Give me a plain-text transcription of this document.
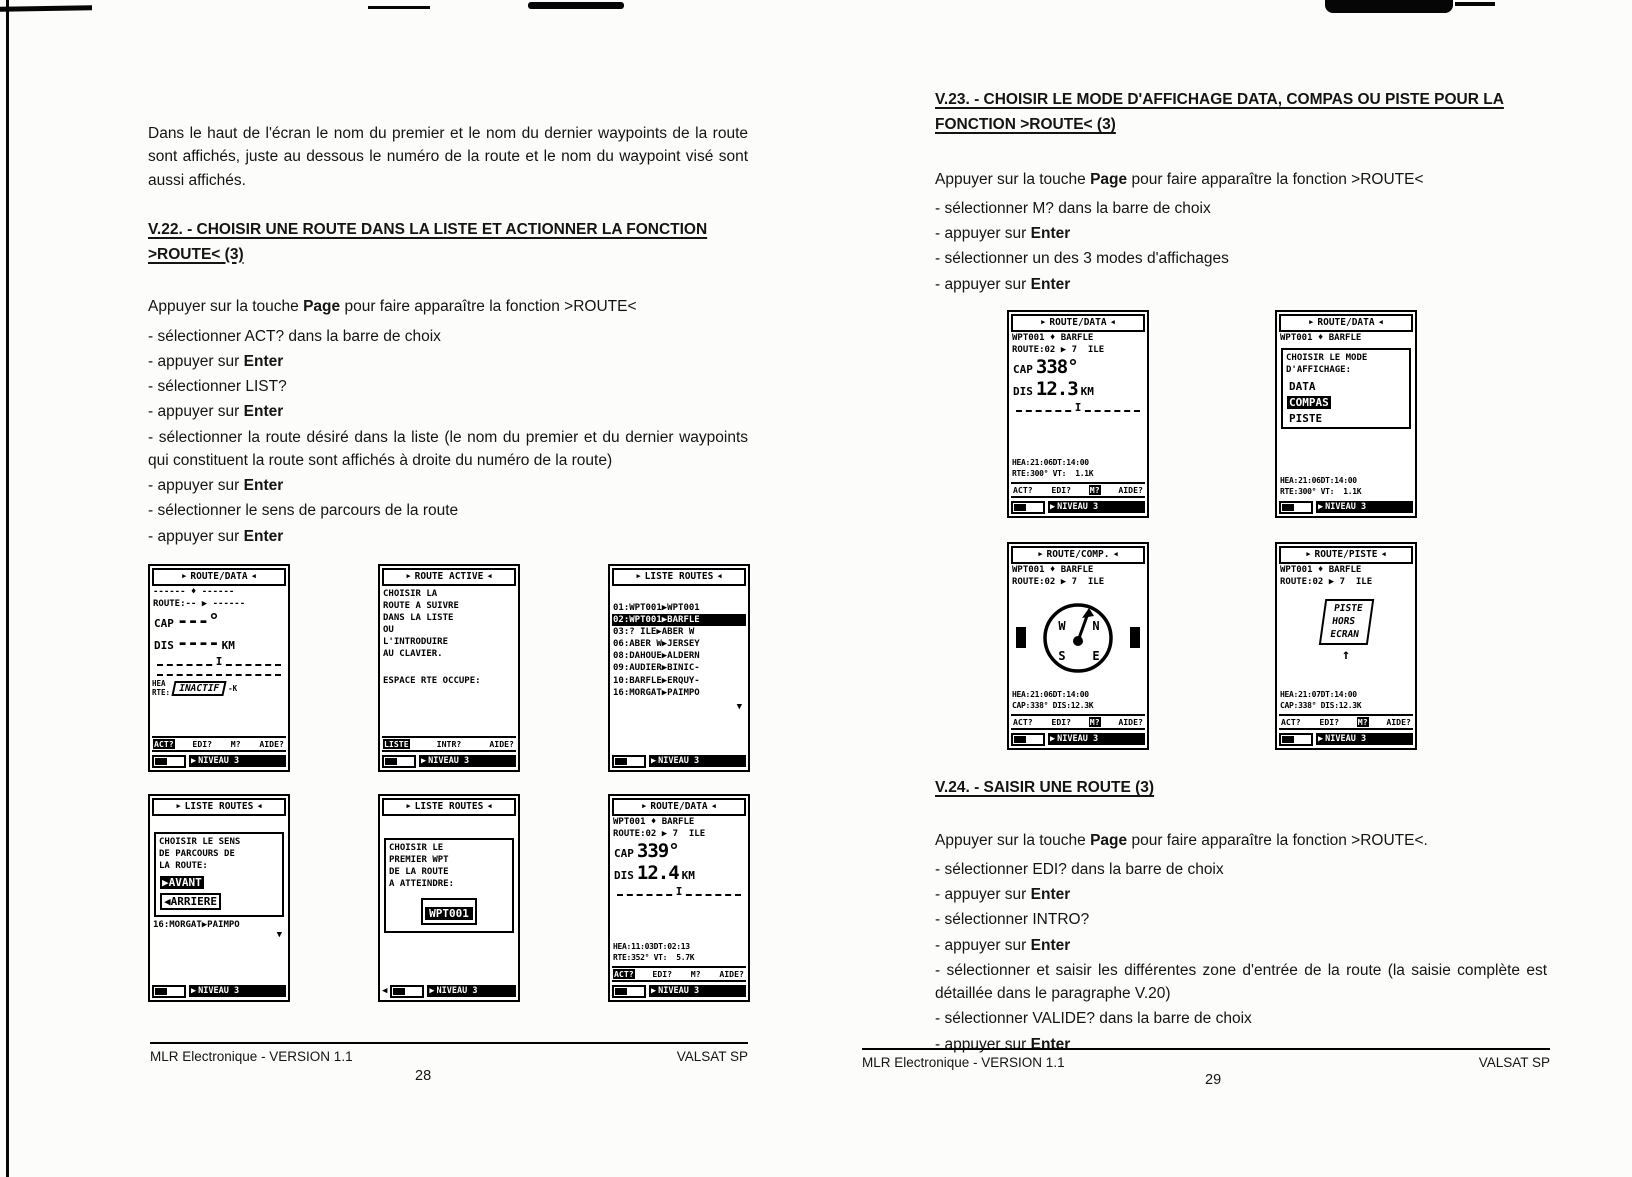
Dans le haut de l'écran le nom du premier et le nom du dernier waypoints de la route sont affichés, juste au dessous le numéro de la route et le nom du waypoint visé sont aussi affichés.

V.22. - CHOISIR UNE ROUTE DANS LA LISTE ET ACTIONNER LA FONCTION >ROUTE< (3)

Appuyer sur la touche Page pour faire apparaître la fonction >ROUTE<

- sélectionner ACT? dans la barre de choix
- appuyer sur Enter
- sélectionner LIST?
- appuyer sur Enter
- sélectionner la route désiré dans la liste (le nom du premier et du dernier waypoints qui constituent la route sont affichés à droite du numéro de la route)
- appuyer sur Enter
- sélectionner le sens de parcours de la route
- appuyer sur Enter
▶ ROUTE/DATA ◀
------ ♦ ------
ROUTE:-- ▶ ------
CAP ---°
DIS ---- KM
I
HEA
RTE: INACTIF	-K
ACT? EDI? M? AIDE?
▶ NIVEAU 3
▶ ROUTE ACTIVE ◀
CHOISIR LA
ROUTE A SUIVRE
DANS LA LISTE
OU
L'INTRODUIRE
AU CLAVIER.
ESPACE RTE OCCUPE:
LISTE	INTR?	AIDE?
▶ NIVEAU 3
▶ LISTE ROUTES ◀
01:WPT001▶WPT001
02:WPT001▶BARFLE
03:? ILE▶ABER W
06:ABER W▶JERSEY
08:DAHOUE▶ALDERN
09:AUDIER▶BINIC-
10:BARFLE▶ERQUY-
16:MORGAT▶PAIMPO
▼
▶ NIVEAU 3
▶ LISTE ROUTES ◀
CHOISIR LE SENS
DE PARCOURS DE
LA ROUTE:
▶AVANT
◀ARRIERE
16:MORGAT▶PAIMPO
▼
▶ NIVEAU 3
▶ LISTE ROUTES ◀
CHOISIR LE
PREMIER WPT
DE LA ROUTE
A ATTEINDRE:
WPT001
◀	▶ NIVEAU 3
▶ ROUTE/DATA ◀
WPT001 ♦ BARFLE
ROUTE:02 ▶ 7  ILE
CAP 339°
DIS 12.4 KM
I
HEA:11:03DT:02:13
RTE:352° VT:  5.7K
ACT? EDI? M? AIDE?
▶ NIVEAU 3
V.23. - CHOISIR LE MODE D'AFFICHAGE DATA, COMPAS OU PISTE POUR LA FONCTION >ROUTE< (3)

Appuyer sur la touche Page pour faire apparaître la fonction >ROUTE<

- sélectionner M? dans la barre de choix
- appuyer sur Enter
- sélectionner un des 3 modes d'affichages
- appuyer sur Enter
▶ ROUTE/DATA ◀
WPT001 ♦ BARFLE
ROUTE:02 ▶ 7  ILE
CAP 338°
DIS 12.3 KM
I
HEA:21:06DT:14:00
RTE:300° VT:  1.1K
ACT? EDI? M? AIDE?
▶ NIVEAU 3
▶ ROUTE/DATA ◀
WPT001 ♦ BARFLE
CHOISIR LE MODE
D'AFFICHAGE:
DATA
COMPAS
PISTE
HEA:21:06DT:14:00
RTE:300° VT:  1.1K
▶ NIVEAU 3
▶ ROUTE/COMP. ◀
WPT001 ♦ BARFLE
ROUTE:02 ▶ 7  ILE
W N
S E
HEA:21:06DT:14:00
CAP:338° DIS:12.3K
ACT? EDI? M? AIDE?
▶ NIVEAU 3
▶ ROUTE/PISTE ◀
WPT001 ♦ BARFLE
ROUTE:02 ▶ 7  ILE
PISTE
HORS
ECRAN
↑
HEA:21:07DT:14:00
CAP:338° DIS:12.3K
ACT? EDI? M? AIDE?
▶ NIVEAU 3
V.24. - SAISIR UNE ROUTE (3)

Appuyer sur la touche Page pour faire apparaître la fonction >ROUTE<.

- sélectionner EDI? dans la barre de choix
- appuyer sur Enter
- sélectionner INTRO?
- appuyer sur Enter
- sélectionner et saisir les différentes zone d'entrée de la route (la saisie complète est détaillée dans le paragraphe V.20)
- sélectionner VALIDE? dans la barre de choix
- appuyer sur Enter
MLR Electronique - VERSION 1.1	VALSAT SP
28
MLR Electronique - VERSION 1.1	VALSAT SP
29
